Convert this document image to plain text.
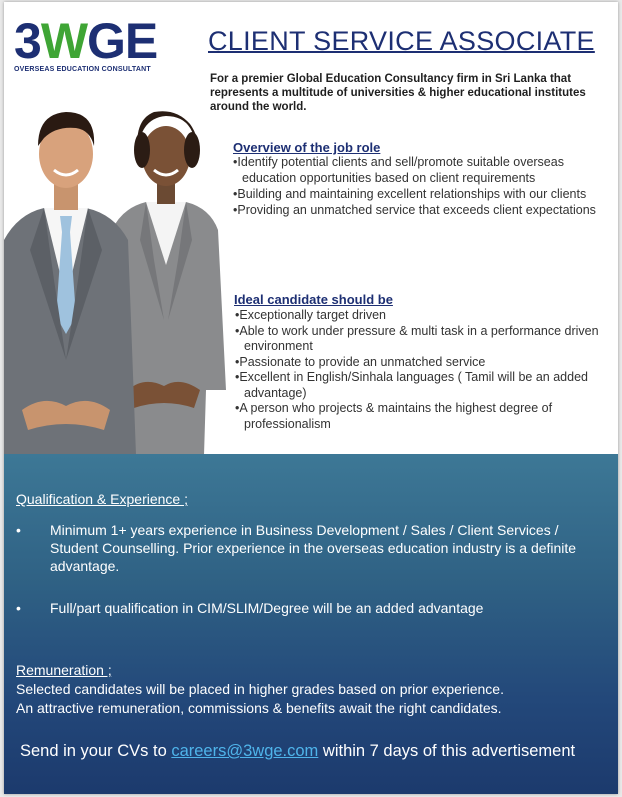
3WGE
OVERSEAS EDUCATION CONSULTANT
CLIENT SERVICE ASSOCIATE

For a premier Global Education Consultancy firm in Sri Lanka that represents a multitude of universities & higher educational institutes around the world.

Overview of the job role
• Identify potential clients and sell/promote suitable overseas education opportunities based on client requirements
• Building and maintaining excellent relationships with our clients
• Providing an unmatched service that exceeds client expectations
Ideal candidate should be
• Exceptionally target driven
• Able to work under pressure & multi task in a performance driven environment
• Passionate to provide an unmatched service
• Excellent in English/Sinhala languages ( Tamil will be an added advantage)
• A person who projects & maintains the highest degree of professionalism
Qualification & Experience ;
• Minimum 1+ years experience in Business Development / Sales / Client Services / Student Counselling. Prior experience in the overseas education industry is a definite advantage.
• Full/part qualification in CIM/SLIM/Degree will be an added advantage
Remuneration ;
Selected candidates will be placed in higher grades based on prior experience.
An attractive remuneration, commissions & benefits await the right candidates.

Send in your CVs to careers@3wge.com within 7 days of this advertisement
